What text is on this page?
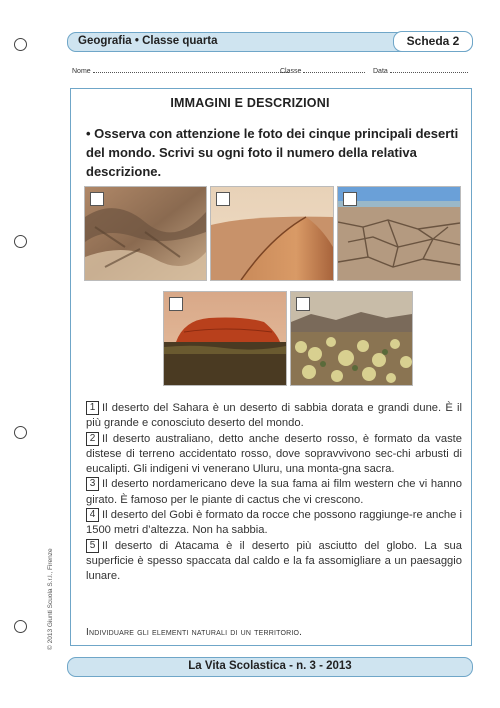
Geografia • Classe quarta	Scheda 2
Nome	Classe	Data
IMMAGINI E DESCRIZIONI
• Osserva con attenzione le foto dei cinque principali deserti del mondo. Scrivi su ogni foto il numero della relativa descrizione.

1 Il deserto del Sahara è un deserto di sabbia dorata e grandi dune. È il più grande e conosciuto deserto del mondo.

2 Il deserto australiano, detto anche deserto rosso, è formato da vaste distese di terreno accidentato rosso, dove sopravvivono sec-chi arbusti di eucalipti. Gli indigeni vi venerano Uluru, una monta-gna sacra.

3 Il deserto nordamericano deve la sua fama ai film western che vi hanno girato. È famoso per le piante di cactus che vi crescono.

4 Il deserto del Gobi è formato da rocce che possono raggiunge-re anche i 1500 metri d’altezza. Non ha sabbia.

5 Il deserto di Atacama è il deserto più asciutto del globo. La sua superficie è spesso spaccata dal caldo e la fa assomigliare a un paesaggio lunare.

Individuare gli elementi naturali di un territorio.
© 2013 Giunti Scuola S.r.l., Firenze
La Vita Scolastica - n. 3 - 2013
